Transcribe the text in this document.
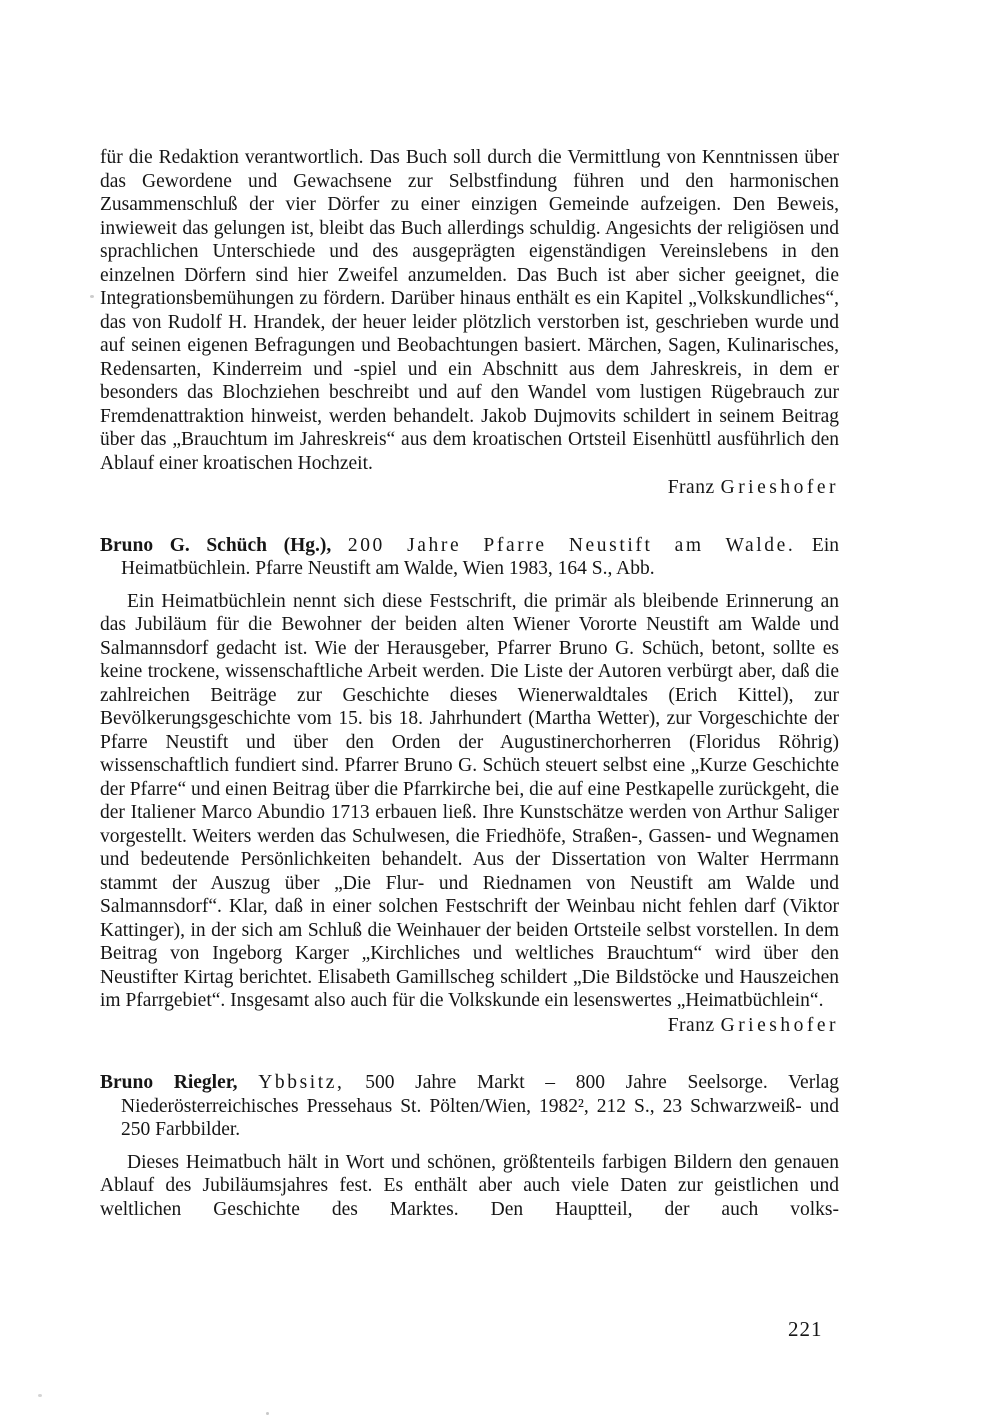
für die Redaktion verantwortlich. Das Buch soll durch die Vermittlung von Kenntnissen über das Gewordene und Gewachsene zur Selbstfindung führen und den harmonischen Zusammenschluß der vier Dörfer zu einer einzigen Gemeinde aufzeigen. Den Beweis, inwieweit das gelungen ist, bleibt das Buch allerdings schuldig. Angesichts der religiösen und sprachlichen Unterschiede und des ausgeprägten eigenständigen Vereinslebens in den einzelnen Dörfern sind hier Zweifel anzumelden. Das Buch ist aber sicher geeignet, die Integrationsbemühungen zu fördern. Darüber hinaus enthält es ein Kapitel „Volkskundliches“, das von Rudolf H. Hrandek, der heuer leider plötzlich verstorben ist, geschrieben wurde und auf seinen eigenen Befragungen und Beobachtungen basiert. Märchen, Sagen, Kulinarisches, Redensarten, Kinderreim und -spiel und ein Abschnitt aus dem Jahreskreis, in dem er besonders das Blochziehen beschreibt und auf den Wandel vom lustigen Rügebrauch zur Fremdenattraktion hinweist, werden behandelt. Jakob Dujmovits schildert in seinem Beitrag über das „Brauchtum im Jahreskreis“ aus dem kroatischen Ortsteil Eisenhüttl ausführlich den Ablauf einer kroatischen Hochzeit.

Franz Grieshofer

Bruno G. Schüch (Hg.), 200 Jahre Pfarre Neustift am Walde. Ein Heimatbüchlein. Pfarre Neustift am Walde, Wien 1983, 164 S., Abb.

Ein Heimatbüchlein nennt sich diese Festschrift, die primär als bleibende Erinnerung an das Jubiläum für die Bewohner der beiden alten Wiener Vororte Neustift am Walde und Salmannsdorf gedacht ist. Wie der Herausgeber, Pfarrer Bruno G. Schüch, betont, sollte es keine trockene, wissenschaftliche Arbeit werden. Die Liste der Autoren verbürgt aber, daß die zahlreichen Beiträge zur Geschichte dieses Wienerwaldtales (Erich Kittel), zur Bevölkerungsgeschichte vom 15. bis 18. Jahrhundert (Martha Wetter), zur Vorgeschichte der Pfarre Neustift und über den Orden der Augustinerchorherren (Floridus Röhrig) wissenschaftlich fundiert sind. Pfarrer Bruno G. Schüch steuert selbst eine „Kurze Geschichte der Pfarre“ und einen Beitrag über die Pfarrkirche bei, die auf eine Pestkapelle zurückgeht, die der Italiener Marco Abundio 1713 erbauen ließ. Ihre Kunstschätze werden von Arthur Saliger vorgestellt. Weiters werden das Schulwesen, die Friedhöfe, Straßen-, Gassen- und Wegnamen und bedeutende Persönlichkeiten behandelt. Aus der Dissertation von Walter Herrmann stammt der Auszug über „Die Flur- und Riednamen von Neustift am Walde und Salmannsdorf“. Klar, daß in einer solchen Festschrift der Weinbau nicht fehlen darf (Viktor Kattinger), in der sich am Schluß die Weinhauer der beiden Ortsteile selbst vorstellen. In dem Beitrag von Ingeborg Karger „Kirchliches und weltliches Brauchtum“ wird über den Neustifter Kirtag berichtet. Elisabeth Gamillscheg schildert „Die Bildstöcke und Hauszeichen im Pfarrgebiet“. Insgesamt also auch für die Volkskunde ein lesenswertes „Heimatbüchlein“.

Franz Grieshofer

Bruno Riegler, Ybbsitz, 500 Jahre Markt – 800 Jahre Seelsorge. Verlag Niederösterreichisches Pressehaus St. Pölten/Wien, 1982², 212 S., 23 Schwarzweiß- und 250 Farbbilder.

Dieses Heimatbuch hält in Wort und schönen, größtenteils farbigen Bildern den genauen Ablauf des Jubiläumsjahres fest. Es enthält aber auch viele Daten zur geistlichen und weltlichen Geschichte des Marktes. Den Hauptteil, der auch volks-

221
